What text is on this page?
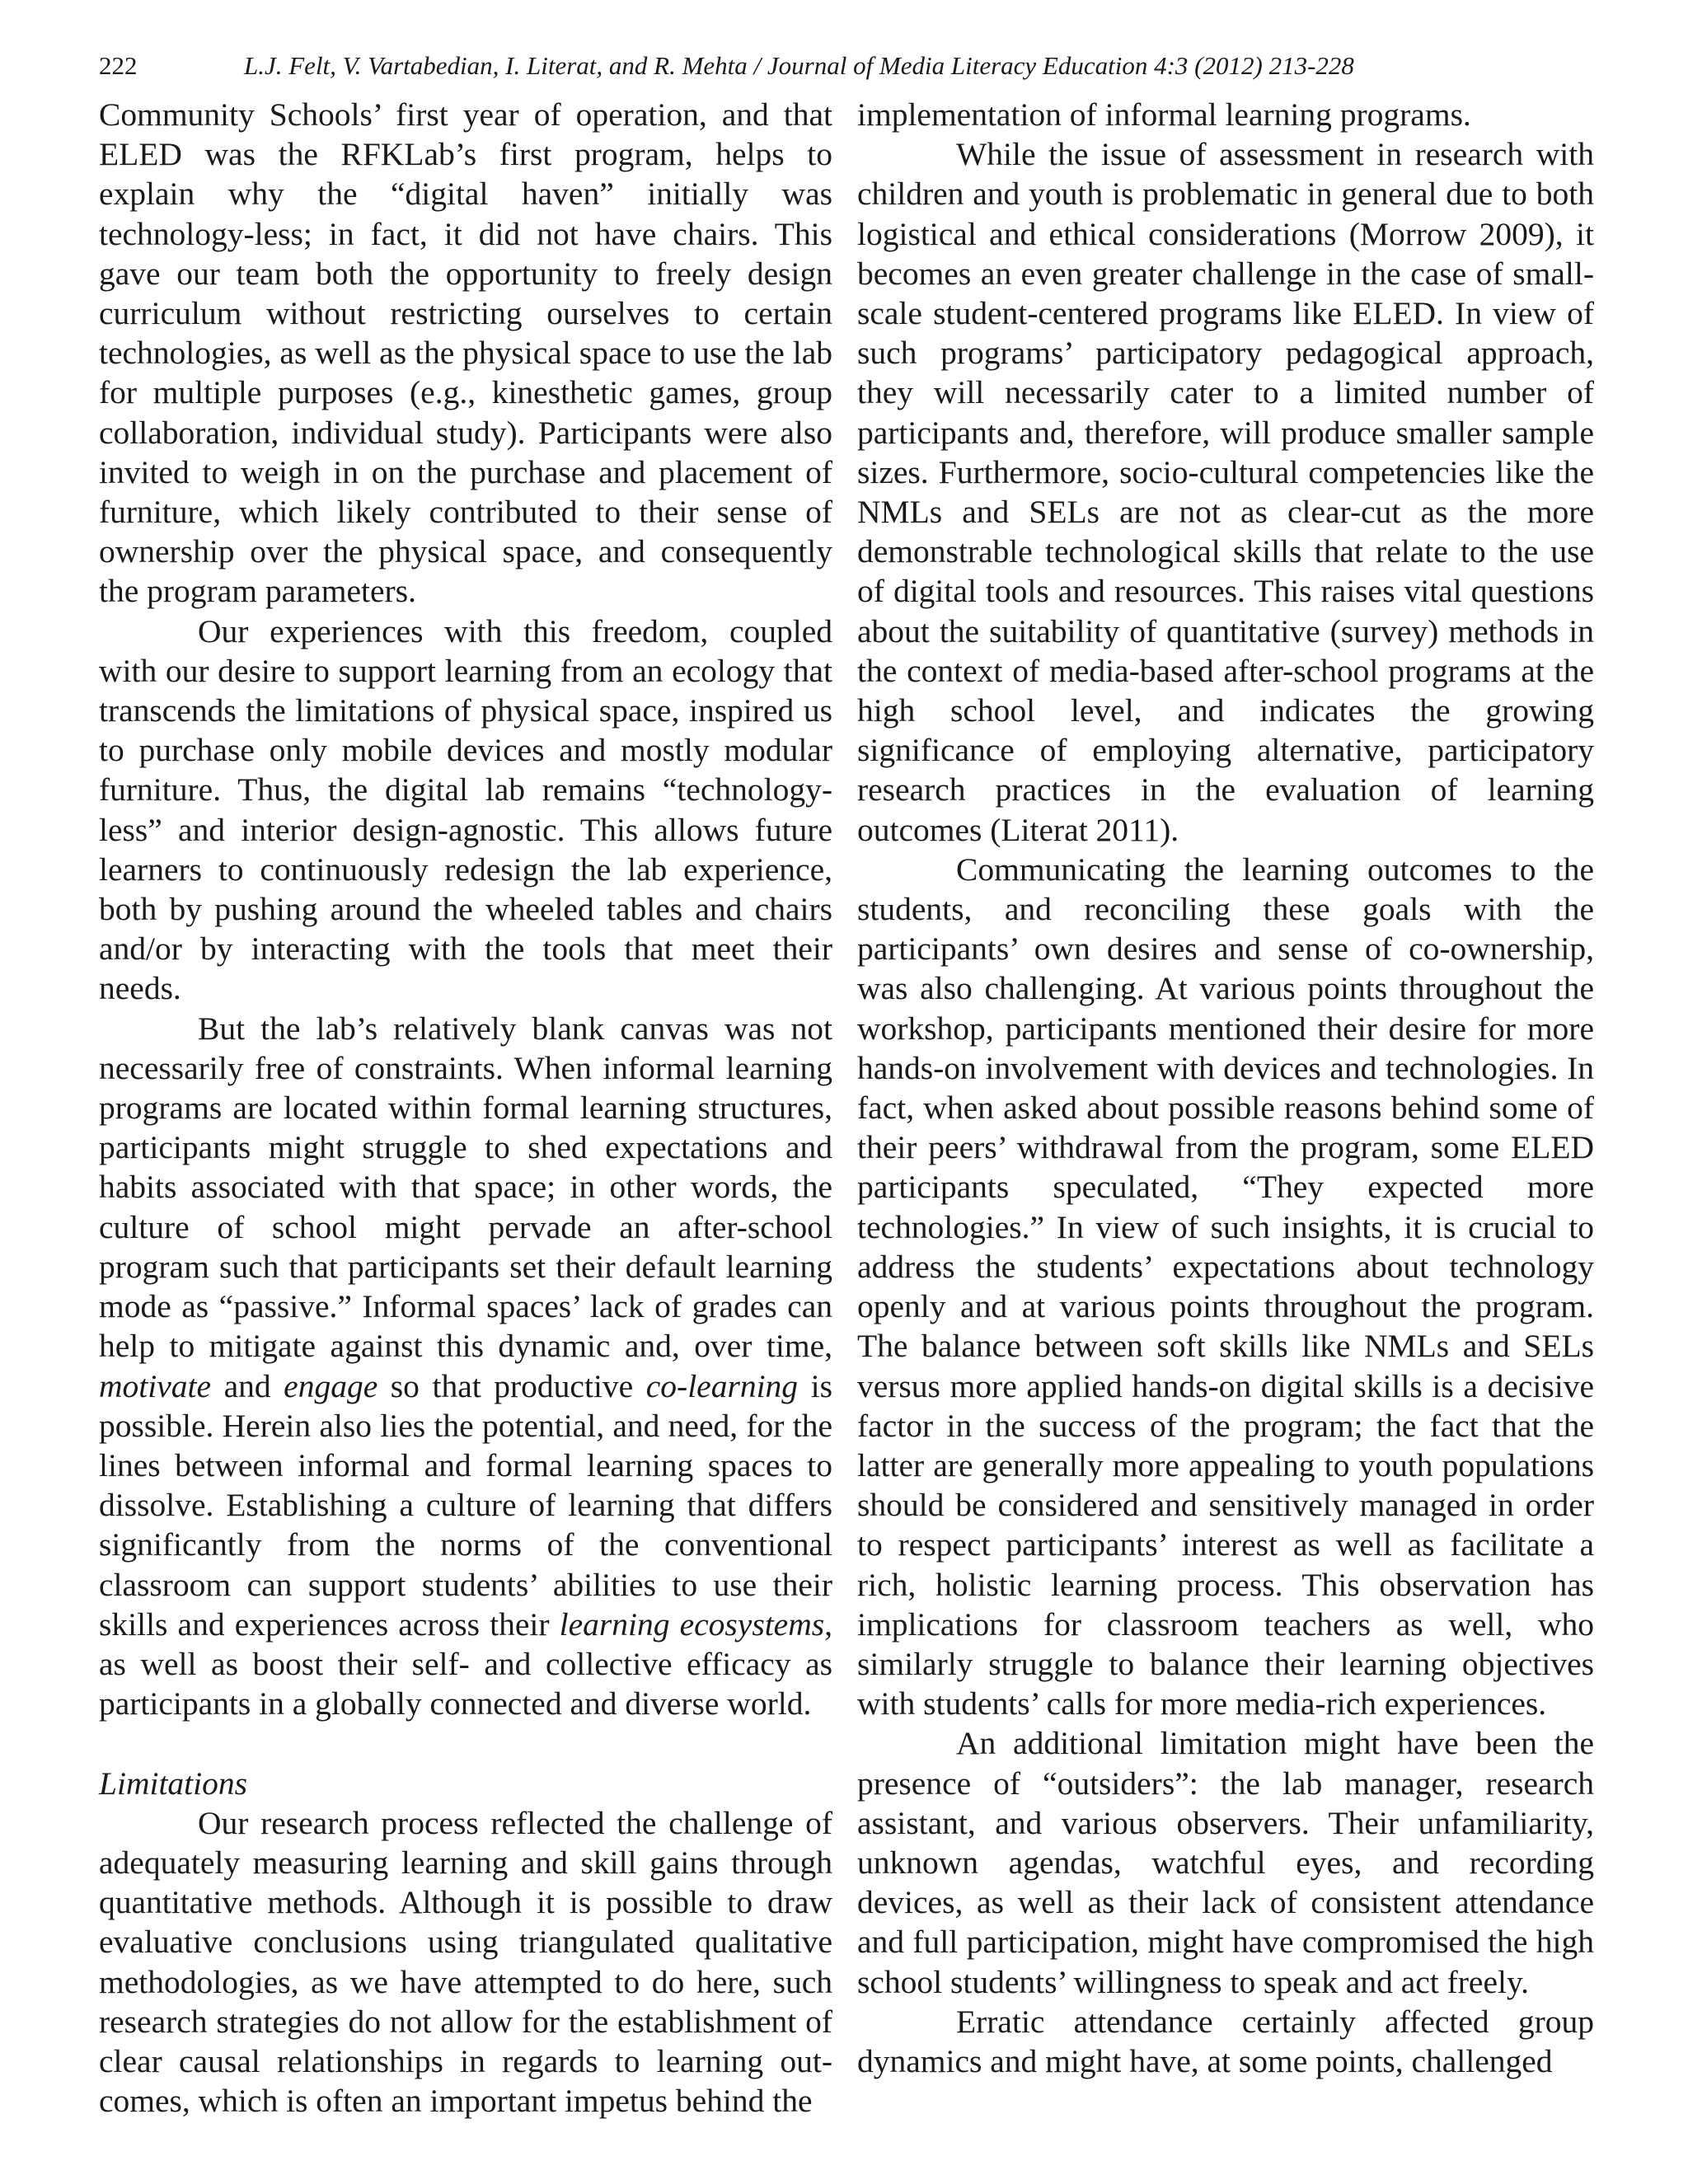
222	L.J. Felt, V. Vartabedian, I. Literat, and R. Mehta / Journal of Media Literacy Education 4:3 (2012) 213-228

Community Schools’ first year of operation, and that ELED was the RFKLab’s first program, helps to explain why the “digital haven” initially was technology-less; in fact, it did not have chairs. This gave our team both the opportunity to freely design curriculum without restricting ourselves to certain technologies, as well as the physical space to use the lab for multiple purposes (e.g., kinesthetic games, group collaboration, individual study). Participants were also invited to weigh in on the purchase and placement of furniture, which likely contributed to their sense of ownership over the physical space, and consequently the program parameters.

Our experiences with this freedom, coupled with our desire to support learning from an ecology that transcends the limitations of physical space, inspired us to purchase only mobile devices and mostly modular furniture. Thus, the digital lab remains “technology-less” and interior design-agnostic. This allows future learners to continuously redesign the lab experience, both by pushing around the wheeled tables and chairs and/or by interacting with the tools that meet their needs.

But the lab’s relatively blank canvas was not necessarily free of constraints. When informal learning programs are located within formal learning structures, participants might struggle to shed expectations and habits associated with that space; in other words, the culture of school might pervade an after-school program such that participants set their default learning mode as “passive.” Informal spaces’ lack of grades can help to mitigate against this dynamic and, over time, motivate and engage so that productive co-learning is possible. Herein also lies the potential, and need, for the lines between informal and formal learning spaces to dissolve. Establishing a culture of learning that differs significantly from the norms of the conventional classroom can support students’ abilities to use their skills and experiences across their learning ecosystems, as well as boost their self- and collective efficacy as participants in a globally connected and diverse world.

Limitations

Our research process reflected the challenge of adequately measuring learning and skill gains through quantitative methods. Although it is possible to draw evaluative conclusions using triangulated qualitative methodologies, as we have attempted to do here, such research strategies do not allow for the establishment of clear causal relationships in regards to learning out-comes, which is often an important impetus behind the

implementation of informal learning programs.

While the issue of assessment in research with children and youth is problematic in general due to both logistical and ethical considerations (Morrow 2009), it becomes an even greater challenge in the case of small-scale student-centered programs like ELED. In view of such programs’ participatory pedagogical approach, they will necessarily cater to a limited number of participants and, therefore, will produce smaller sample sizes. Furthermore, socio-cultural competencies like the NMLs and SELs are not as clear-cut as the more demonstrable technological skills that relate to the use of digital tools and resources. This raises vital questions about the suitability of quantitative (survey) methods in the context of media-based after-school programs at the high school level, and indicates the growing significance of employing alternative, participatory research practices in the evaluation of learning outcomes (Literat 2011).

Communicating the learning outcomes to the students, and reconciling these goals with the participants’ own desires and sense of co-ownership, was also challenging. At various points throughout the workshop, participants mentioned their desire for more hands-on involvement with devices and technologies. In fact, when asked about possible reasons behind some of their peers’ withdrawal from the program, some ELED participants speculated, “They expected more technologies.” In view of such insights, it is crucial to address the students’ expectations about technology openly and at various points throughout the program. The balance between soft skills like NMLs and SELs versus more applied hands-on digital skills is a decisive factor in the success of the program; the fact that the latter are generally more appealing to youth populations should be considered and sensitively managed in order to respect participants’ interest as well as facilitate a rich, holistic learning process. This observation has implications for classroom teachers as well, who similarly struggle to balance their learning objectives with students’ calls for more media-rich experiences.

An additional limitation might have been the presence of “outsiders”: the lab manager, research assistant, and various observers. Their unfamiliarity, unknown agendas, watchful eyes, and recording devices, as well as their lack of consistent attendance and full participation, might have compromised the high school students’ willingness to speak and act freely.

Erratic attendance certainly affected group dynamics and might have, at some points, challenged
